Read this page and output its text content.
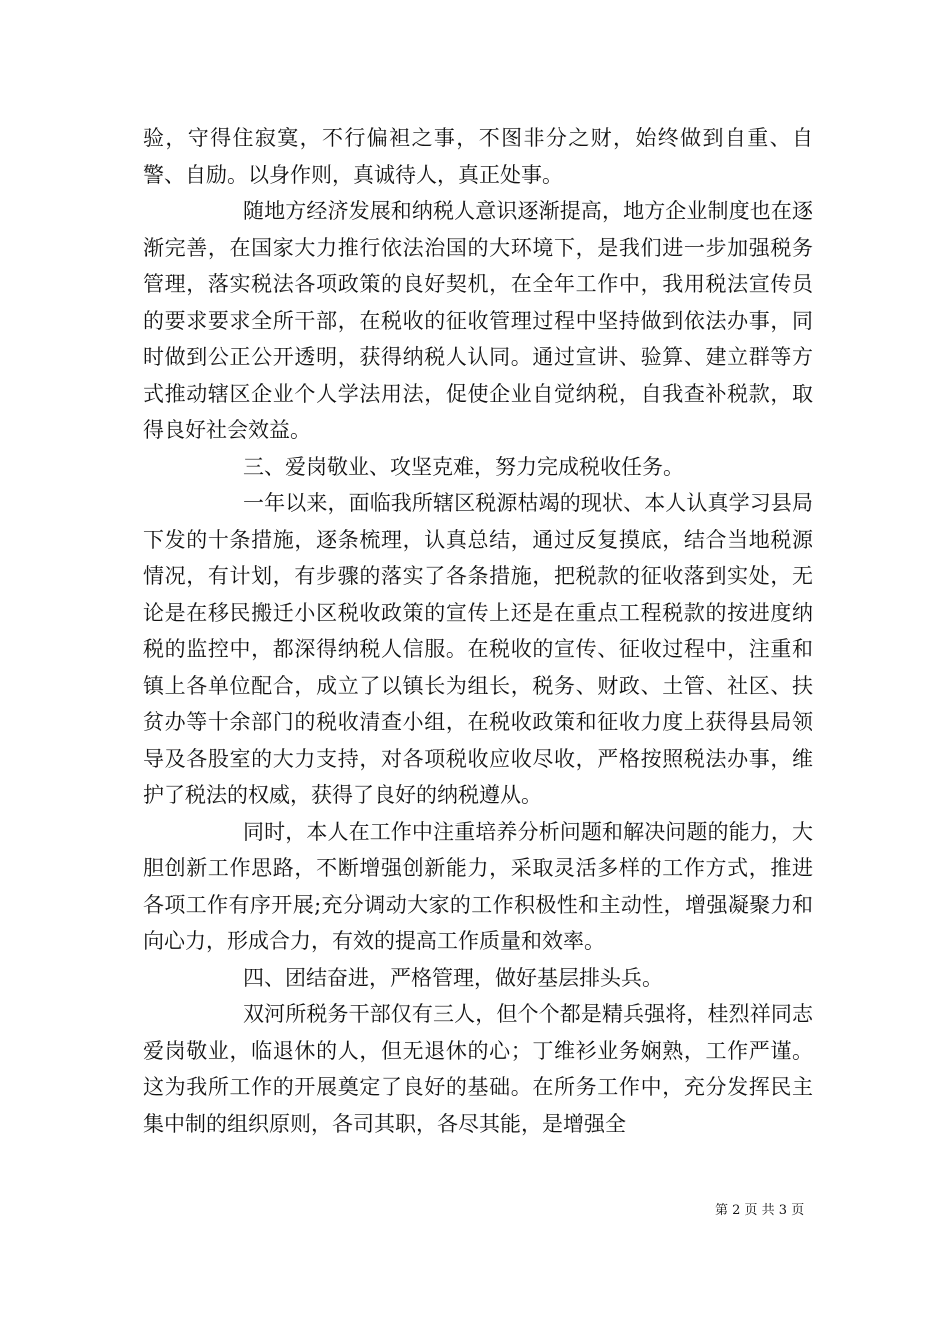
验，守得住寂寞，不行偏袒之事，不图非分之财，始终做到自重、自警、自励。以身作则，真诚待人，真正处事。

随地方经济发展和纳税人意识逐渐提高，地方企业制度也在逐渐完善，在国家大力推行依法治国的大环境下，是我们进一步加强税务管理，落实税法各项政策的良好契机，在全年工作中，我用税法宣传员的要求要求全所干部，在税收的征收管理过程中坚持做到依法办事，同时做到公正公开透明，获得纳税人认同。通过宣讲、验算、建立群等方式推动辖区企业个人学法用法，促使企业自觉纳税，自我查补税款，取得良好社会效益。

三、爱岗敬业、攻坚克难，努力完成税收任务。

一年以来，面临我所辖区税源枯竭的现状、本人认真学习县局下发的十条措施，逐条梳理，认真总结，通过反复摸底，结合当地税源情况，有计划，有步骤的落实了各条措施，把税款的征收落到实处，无论是在移民搬迁小区税收政策的宣传上还是在重点工程税款的按进度纳税的监控中，都深得纳税人信服。在税收的宣传、征收过程中，注重和镇上各单位配合，成立了以镇长为组长，税务、财政、土管、社区、扶贫办等十余部门的税收清查小组，在税收政策和征收力度上获得县局领导及各股室的大力支持，对各项税收应收尽收，严格按照税法办事，维护了税法的权威，获得了良好的纳税遵从。

同时，本人在工作中注重培养分析问题和解决问题的能力，大胆创新工作思路，不断增强创新能力，采取灵活多样的工作方式，推进各项工作有序开展;充分调动大家的工作积极性和主动性，增强凝聚力和向心力，形成合力，有效的提高工作质量和效率。

四、团结奋进，严格管理，做好基层排头兵。

双河所税务干部仅有三人，但个个都是精兵强将，桂烈祥同志爱岗敬业，临退休的人，但无退休的心；丁维衫业务娴熟，工作严谨。这为我所工作的开展奠定了良好的基础。在所务工作中，充分发挥民主集中制的组织原则，各司其职，各尽其能，是增强全

第 2 页 共 3 页
